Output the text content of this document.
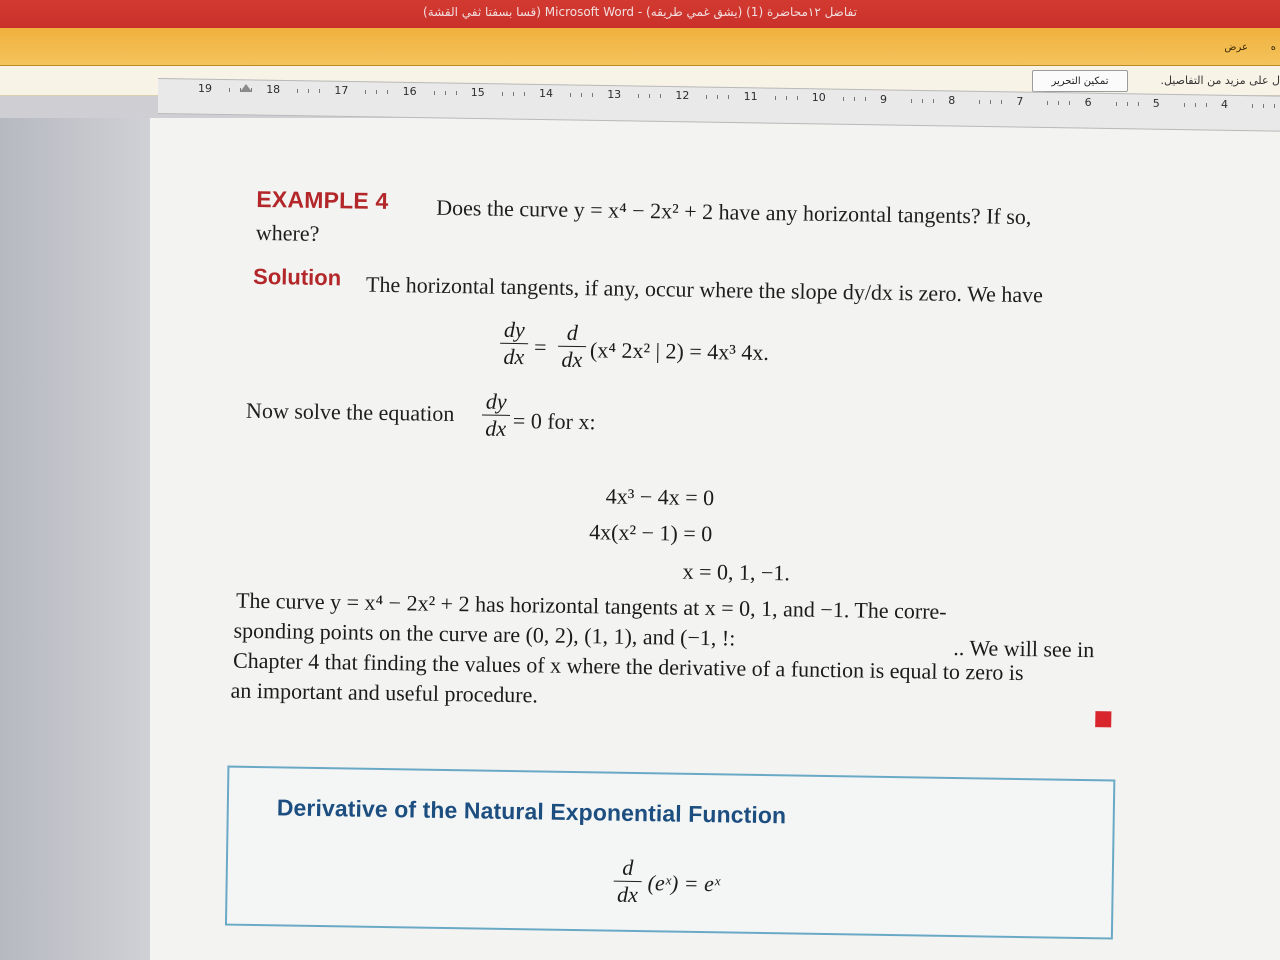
(قسا بسفتا ثفي القشة) Microsoft Word - (يشق غمي طريقه) (1) تفاضل ١٢محاضرة
عرض ه
تمكين التحرير	ل على مزيد من التفاصيل.
19	18	17	16	15	14	13	12	11	10	9	8	7	6	5	4
EXAMPLE 4 Does the curve y = x⁴ − 2x² + 2 have any horizontal tangents? If so,
where?
Solution The horizontal tangents, if any, occur where the slope dy/dx is zero. We have
dy
dx =
d
dx (x⁴ 2x² | 2) = 4x³ 4x.
Now solve the equation dy
dx = 0 for x:
4x³ − 4x = 0
4x(x² − 1) = 0
x = 0, 1, −1.
The curve y = x⁴ − 2x² + 2 has horizontal tangents at x = 0, 1, and −1. The corre-
sponding points on the curve are (0, 2), (1, 1), and (−1, !:	.. We will see in
Chapter 4 that finding the values of x where the derivative of a function is equal to zero is
an important and useful procedure.
Derivative of the Natural Exponential Function
d
dx (eˣ) = eˣ
